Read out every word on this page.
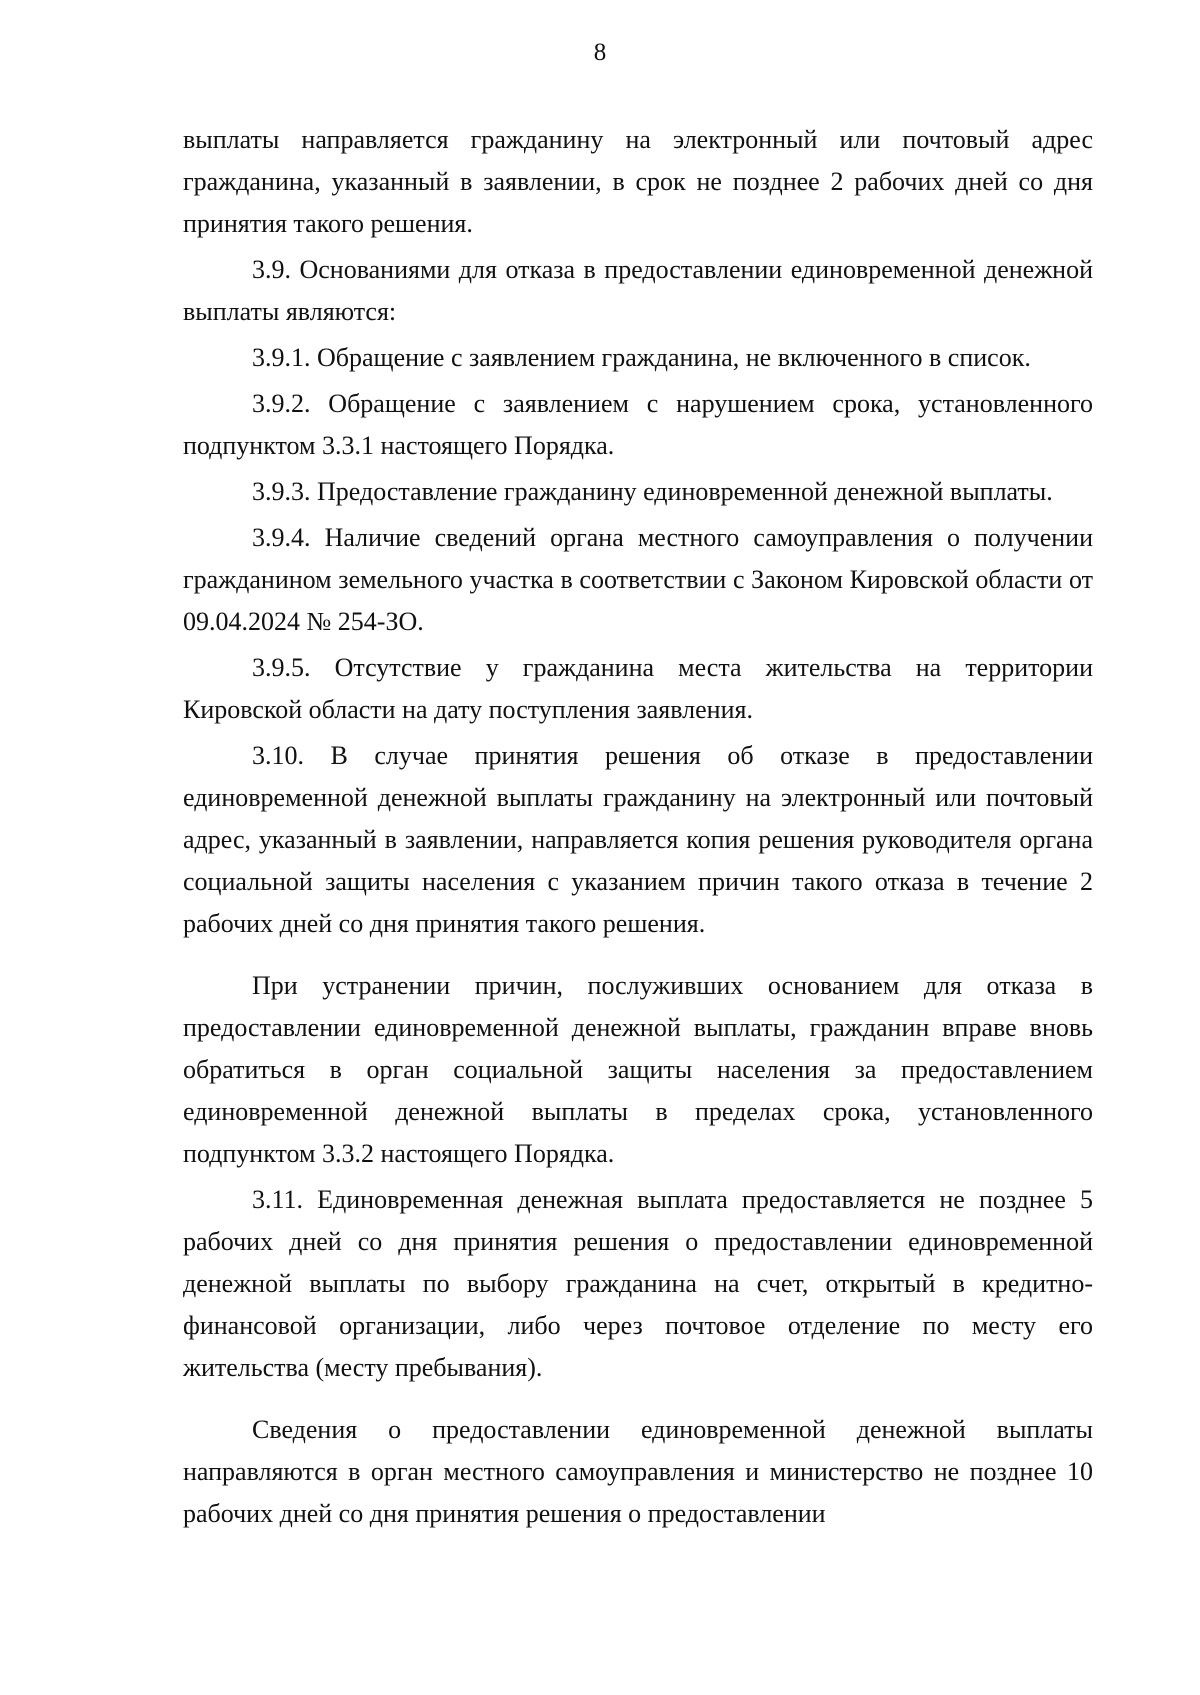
8

выплаты направляется гражданину на электронный или почтовый адрес гражданина, указанный в заявлении, в срок не позднее 2 рабочих дней со дня принятия такого решения.

3.9. Основаниями для отказа в предоставлении единовременной денежной выплаты являются:

3.9.1. Обращение с заявлением гражданина, не включенного в список.

3.9.2. Обращение с заявлением с нарушением срока, установленного подпунктом 3.3.1 настоящего Порядка.

3.9.3. Предоставление гражданину единовременной денежной выплаты.

3.9.4. Наличие сведений органа местного самоуправления о получении гражданином земельного участка в соответствии с Законом Кировской области от 09.04.2024 № 254-ЗО.

3.9.5. Отсутствие у гражданина места жительства на территории Кировской области на дату поступления заявления.

3.10. В случае принятия решения об отказе в предоставлении единовременной денежной выплаты гражданину на электронный или почтовый адрес, указанный в заявлении, направляется копия решения руководителя органа социальной защиты населения с указанием причин такого отказа в течение 2 рабочих дней со дня принятия такого решения.

При устранении причин, послуживших основанием для отказа в предоставлении единовременной денежной выплаты, гражданин вправе вновь обратиться в орган социальной защиты населения за предоставлением единовременной денежной выплаты в пределах срока, установленного подпунктом 3.3.2 настоящего Порядка.

3.11. Единовременная денежная выплата предоставляется не позднее 5 рабочих дней со дня принятия решения о предоставлении единовременной денежной выплаты по выбору гражданина на счет, открытый в кредитно-финансовой организации, либо через почтовое отделение по месту его жительства (месту пребывания).

Сведения о предоставлении единовременной денежной выплаты направляются в орган местного самоуправления и министерство не позднее 10 рабочих дней со дня принятия решения о предоставлении
